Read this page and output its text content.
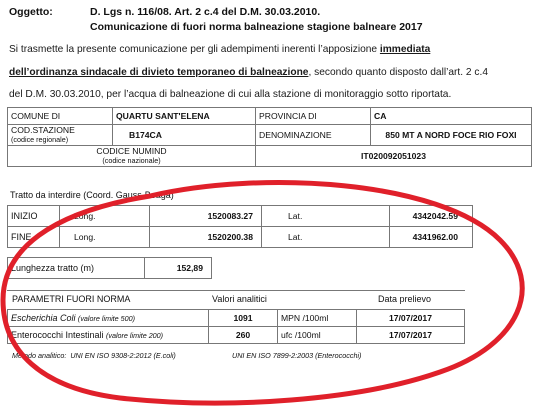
Oggetto:	D. Lgs n. 116/08. Art. 2 c.4 del D.M. 30.03.2010.
Comunicazione di fuori norma balneazione stagione balneare 2017
Si trasmette la presente comunicazione per gli adempimenti inerenti l’apposizione immediata
dell’ordinanza sindacale di divieto temporaneo di balneazione, secondo quanto disposto dall’art. 2 c.4
del D.M. 30.03.2010, per l’acqua di balneazione di cui alla stazione di monitoraggio sotto riportata.
COMUNE DI	QUARTU SANT'ELENA	PROVINCIA DI	CA

COD.STAZIONE
(codice regionale)	B174CA	DENOMINAZIONE	850 MT A NORD FOCE RIO FOXI

CODICE NUMIND
(codice nazionale)		IT020092051023	
Tratto da interdire (Coord. Gauss-Boaga)
INIZIO	Long.	1520083.27	Lat.	4342042.59
FINE	Long.	1520200.38	Lat.	4341962.00
Lunghezza tratto (m)	152,89
PARAMETRI FUORI NORMA	Valori analitici	Data prelievo
Escherichia Coli (valore limite 500)	1091	MPN /100ml	17/07/2017
Enterococchi Intestinali (valore limite 200)	260	ufc /100ml	17/07/2017
Metodo analitico: UNI EN ISO 9308-2:2012 (E.coli)	UNI EN ISO 7899-2:2003 (Enterococchi)
